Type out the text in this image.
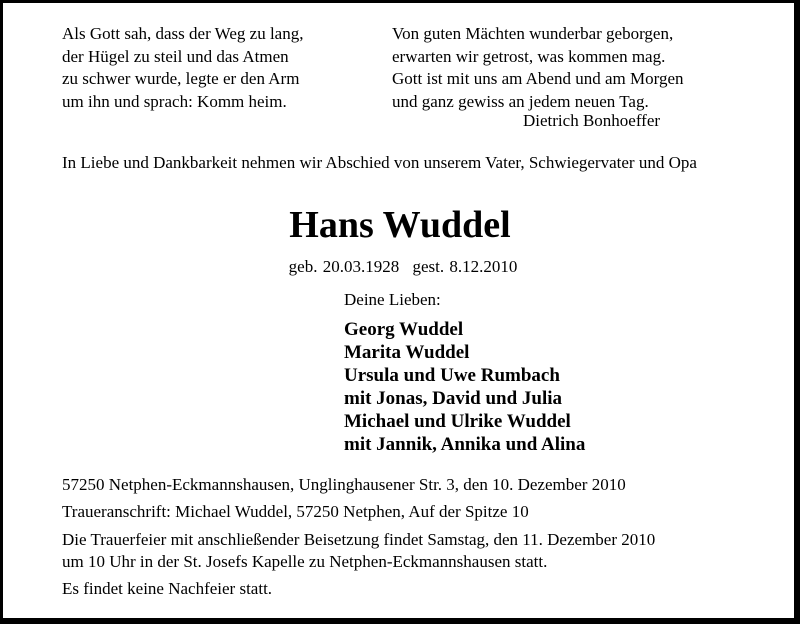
Als Gott sah, dass der Weg zu lang,
der Hügel zu steil und das Atmen
zu schwer wurde, legte er den Arm
um ihn und sprach: Komm heim.
Von guten Mächten wunderbar geborgen,
erwarten wir getrost, was kommen mag.
Gott ist mit uns am Abend und am Morgen
und ganz gewiss an jedem neuen Tag.
Dietrich Bonhoeffer
In Liebe und Dankbarkeit nehmen wir Abschied von unserem Vater, Schwiegervater und Opa
Hans Wuddel
geb. 20.03.1928 gest. 8.12.2010
Deine Lieben:
Georg Wuddel
Marita Wuddel
Ursula und Uwe Rumbach
mit Jonas, David und Julia
Michael und Ulrike Wuddel
mit Jannik, Annika und Alina
57250 Netphen-Eckmannshausen, Unglinghausener Str. 3, den 10. Dezember 2010
Traueranschrift: Michael Wuddel, 57250 Netphen, Auf der Spitze 10
Die Trauerfeier mit anschließender Beisetzung findet Samstag, den 11. Dezember 2010
um 10 Uhr in der St. Josefs Kapelle zu Netphen-Eckmannshausen statt.
Es findet keine Nachfeier statt.
